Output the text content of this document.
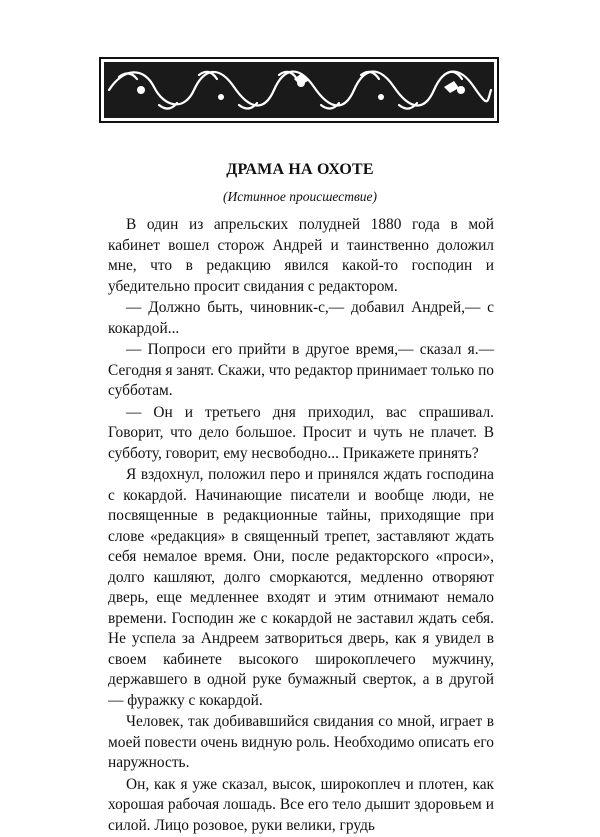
ДРАМА НА ОХОТЕ
(Истинное происшествие)

В один из апрельских полудней 1880 года в мой кабинет вошел сторож Андрей и таинственно доложил мне, что в редакцию явился какой-то господин и убедительно просит свидания с редактором.

— Должно быть, чиновник-с,— добавил Андрей,— с кокардой...

— Попроси его прийти в другое время,— сказал я.— Сегодня я занят. Скажи, что редактор принимает только по субботам.

— Он и третьего дня приходил, вас спрашивал. Говорит, что дело большое. Просит и чуть не плачет. В субботу, говорит, ему несвободно... Прикажете принять?

Я вздохнул, положил перо и принялся ждать господина с кокардой. Начинающие писатели и вообще люди, не посвященные в редакционные тайны, приходящие при слове «редакция» в священный трепет, заставляют ждать себя немалое время. Они, после редакторского «проси», долго кашляют, долго сморкаются, медленно отворяют дверь, еще медленнее входят и этим отнимают немало времени. Господин же с кокардой не заставил ждать себя. Не успела за Андреем затвориться дверь, как я увидел в своем кабинете высокого широкоплечего мужчину, державшего в одной руке бумажный сверток, а в другой — фуражку с кокардой.

Человек, так добивавшийся свидания со мной, играет в моей повести очень видную роль. Необходимо описать его наружность.

Он, как я уже сказал, высок, широкоплеч и плотен, как хорошая рабочая лошадь. Все его тело дышит здоровьем и силой. Лицо розовое, руки велики, грудь
